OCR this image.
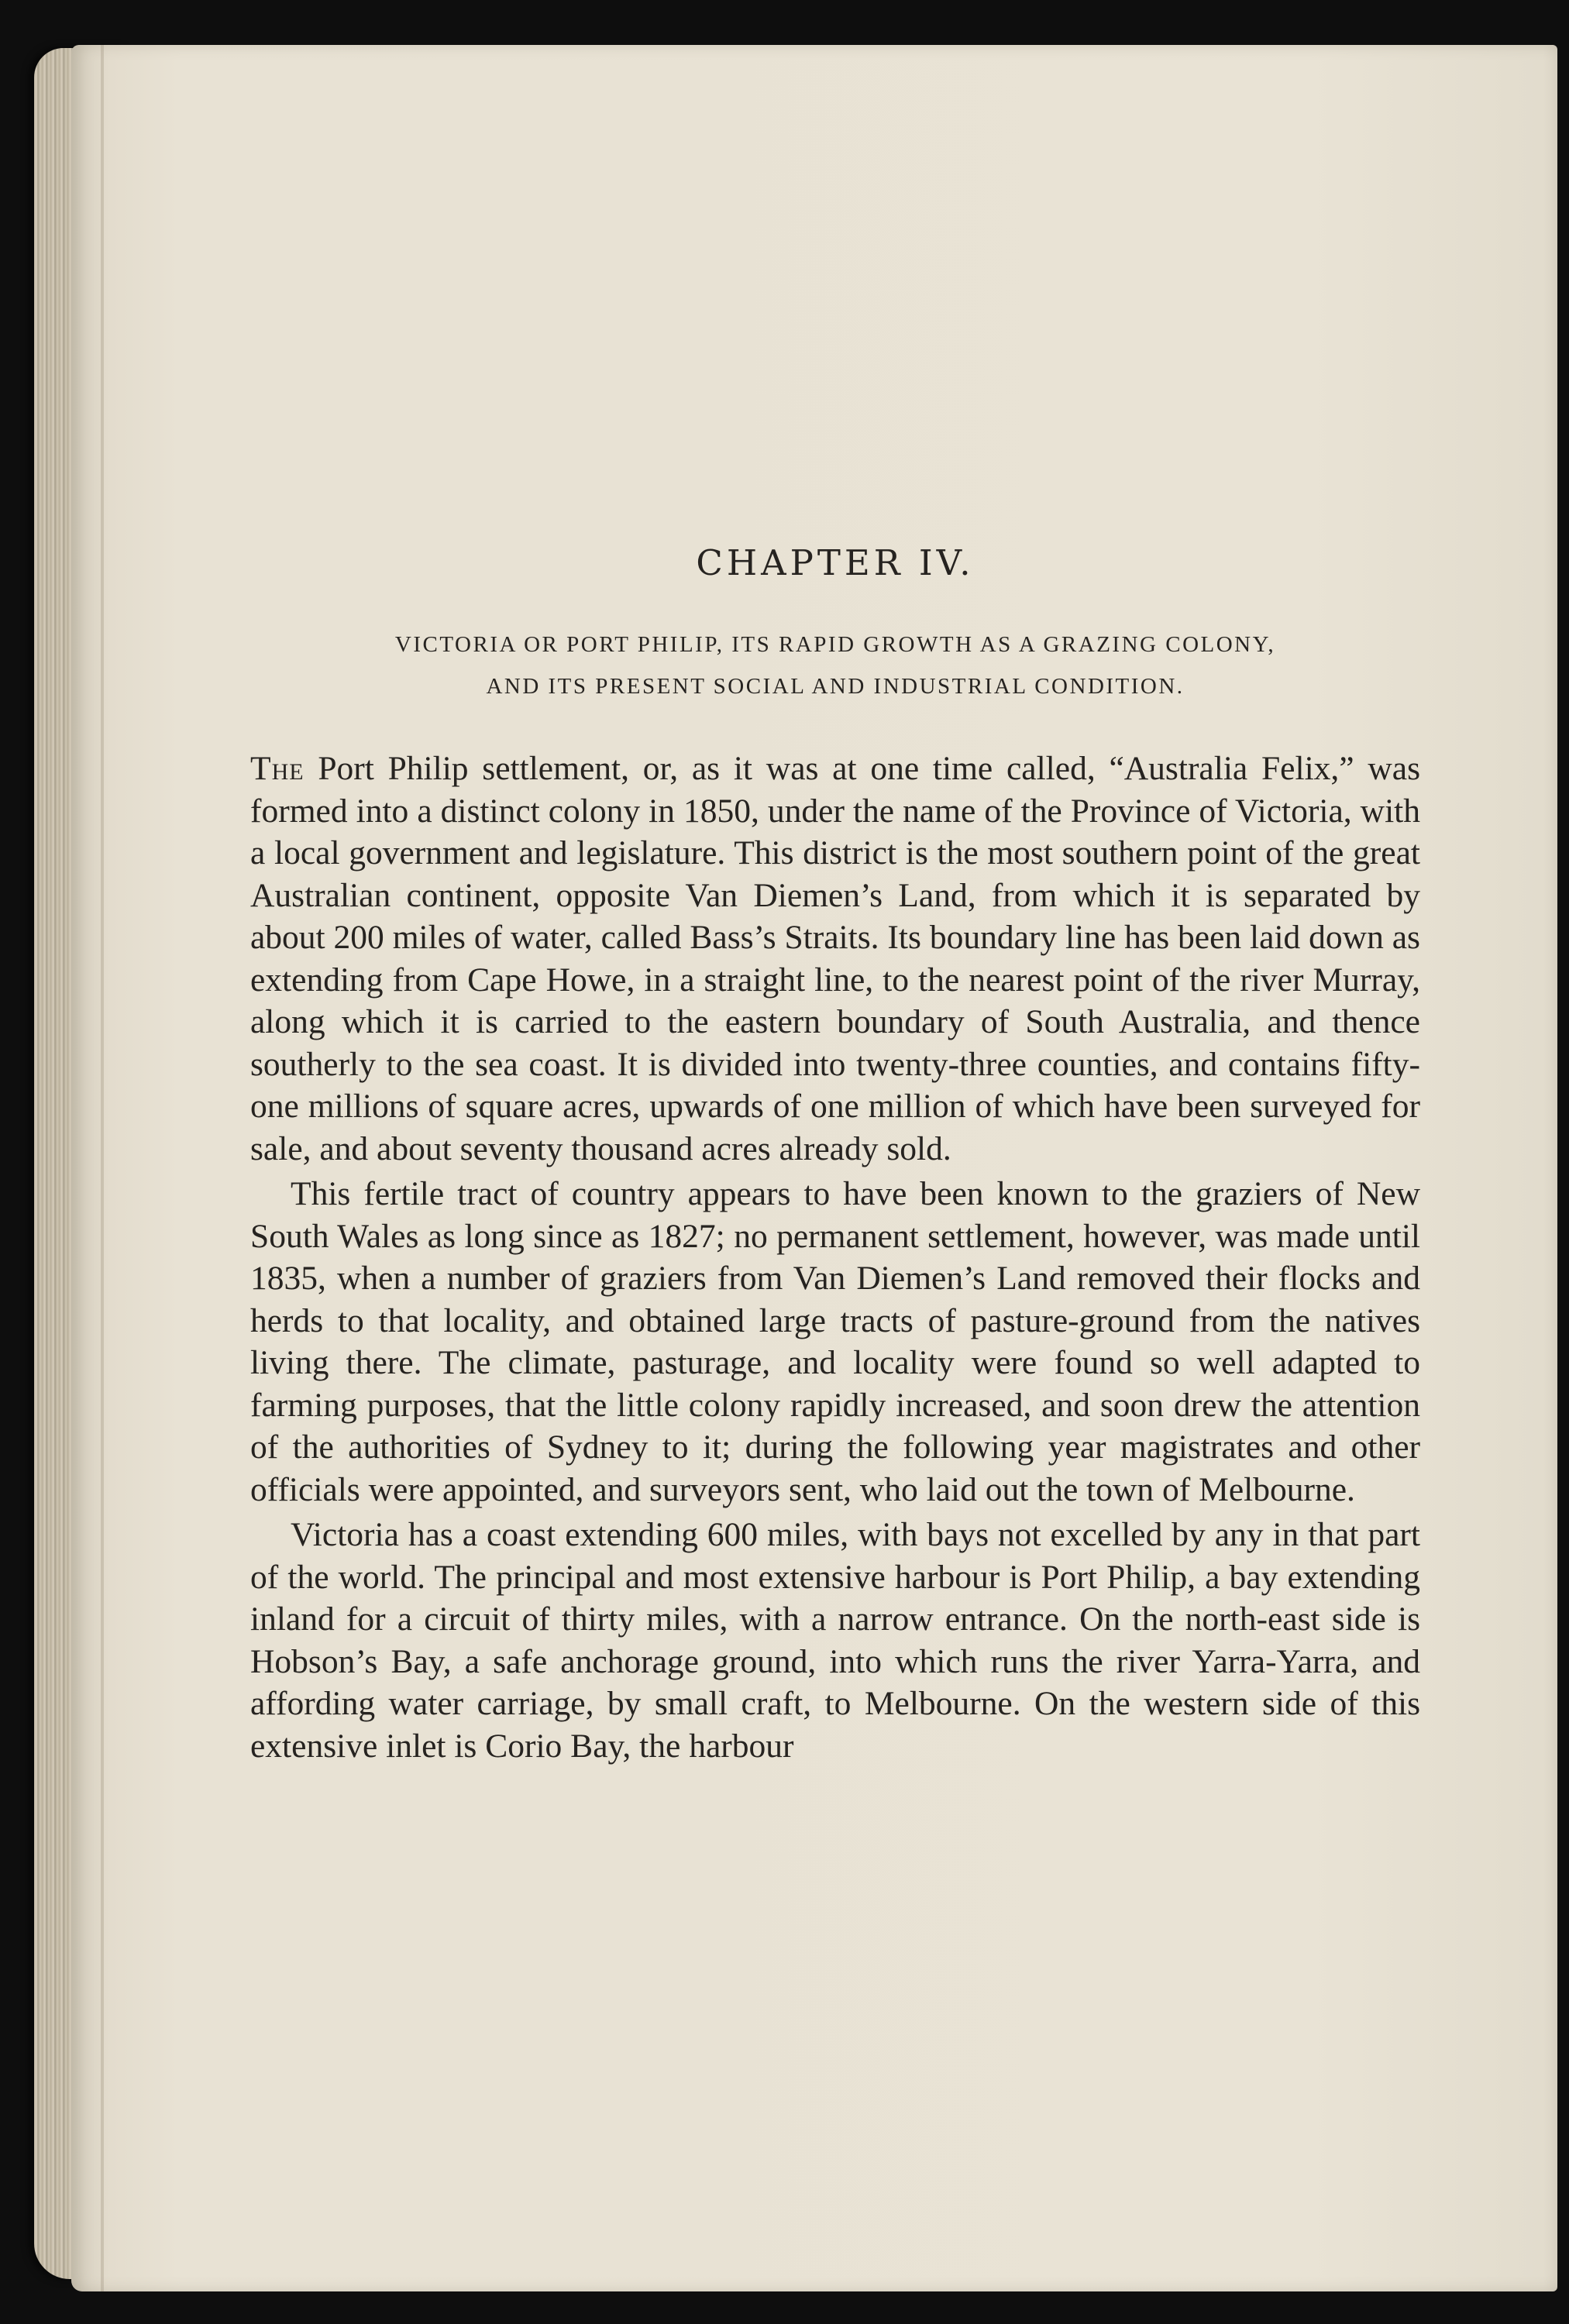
CHAPTER IV.
VICTORIA OR PORT PHILIP, ITS RAPID GROWTH AS A GRAZING COLONY,
AND ITS PRESENT SOCIAL AND INDUSTRIAL CONDITION.

The Port Philip settlement, or, as it was at one time called, “Australia Felix,” was formed into a distinct colony in 1850, under the name of the Province of Victoria, with a local government and legislature. This district is the most southern point of the great Australian continent, opposite Van Diemen’s Land, from which it is separated by about 200 miles of water, called Bass’s Straits. Its boundary line has been laid down as extending from Cape Howe, in a straight line, to the nearest point of the river Murray, along which it is carried to the eastern boundary of South Australia, and thence southerly to the sea coast. It is divided into twenty-three counties, and contains fifty-one millions of square acres, upwards of one million of which have been surveyed for sale, and about seventy thousand acres already sold.

This fertile tract of country appears to have been known to the graziers of New South Wales as long since as 1827; no permanent settlement, however, was made until 1835, when a number of graziers from Van Diemen’s Land removed their flocks and herds to that locality, and obtained large tracts of pasture-ground from the natives living there. The climate, pasturage, and locality were found so well adapted to farming purposes, that the little colony rapidly increased, and soon drew the attention of the authorities of Sydney to it; during the following year magistrates and other officials were appointed, and surveyors sent, who laid out the town of Melbourne.

Victoria has a coast extending 600 miles, with bays not excelled by any in that part of the world. The principal and most extensive harbour is Port Philip, a bay extending inland for a circuit of thirty miles, with a narrow entrance. On the north-east side is Hobson’s Bay, a safe anchorage ground, into which runs the river Yarra-Yarra, and affording water carriage, by small craft, to Melbourne. On the western side of this extensive inlet is Corio Bay, the harbour
